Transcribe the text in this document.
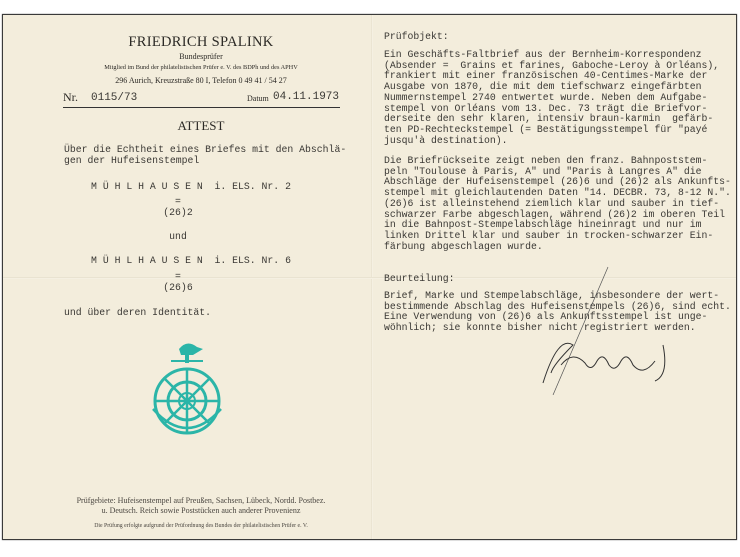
FRIEDRICH SPALINK
Bundesprüfer
Mitglied im Bund der philatelistischen Prüfer e. V. des BDPh und des APHV
296 Aurich, Kreuzstraße 80 I, Telefon 0 49 41 / 54 27
Nr. 0115/73	Datum 04.11.1973
ATTEST
Über die Echtheit eines Briefes mit den Abschlä-
gen der Hufeisenstempel
M Ü H L H A U S E N  i. ELS. Nr. 2
=
(26)2
und
M Ü H L H A U S E N  i. ELS. Nr. 6
=
(26)6
und über deren Identität.
Prüfgebiete: Hufeisenstempel auf Preußen, Sachsen, Lübeck, Nordd. Postbez.
u. Deutsch. Reich sowie Poststücken auch anderer Provenienz
Die Prüfung erfolgte aufgrund der Prüfordnung des Bundes der philatelistischen Prüfer e. V.
Prüfobjekt:
Ein Geschäfts-Faltbrief aus der Bernheim-Korrespondenz
(Absender =  Grains et farines, Gaboche-Leroy à Orléans),
frankiert mit einer französischen 40-Centimes-Marke der
Ausgabe von 1870, die mit dem tiefschwarz eingefärbten
Nummernstempel 2740 entwertet wurde. Neben dem Aufgabe-
stempel von Orléans vom 13. Dec. 73 trägt die Briefvor-
derseite den sehr klaren, intensiv braun-karmin  gefärb-
ten PD-Rechteckstempel (= Bestätigungsstempel für "payé
jusqu'à destination).
Die Briefrückseite zeigt neben den franz. Bahnpoststem-
peln "Toulouse à Paris, A" und "Paris à Langres A" die
Abschläge der Hufeisenstempel (26)6 und (26)2 als Ankunfts-
stempel mit gleichlautenden Daten "14. DECBR. 73, 8-12 N.".
(26)6 ist alleinstehend ziemlich klar und sauber in tief-
schwarzer Farbe abgeschlagen, während (26)2 im oberen Teil
in die Bahnpost-Stempelabschläge hineinragt und nur im
linken Drittel klar und sauber in trocken-schwarzer Ein-
färbung abgeschlagen wurde.
Beurteilung:
Brief, Marke und Stempelabschläge, insbesondere der wert-
bestimmende Abschlag des Hufeisenstempels (26)6, sind echt.
Eine Verwendung von (26)6 als Ankunftsstempel ist unge-
wöhnlich; sie konnte bisher nicht registriert werden.
